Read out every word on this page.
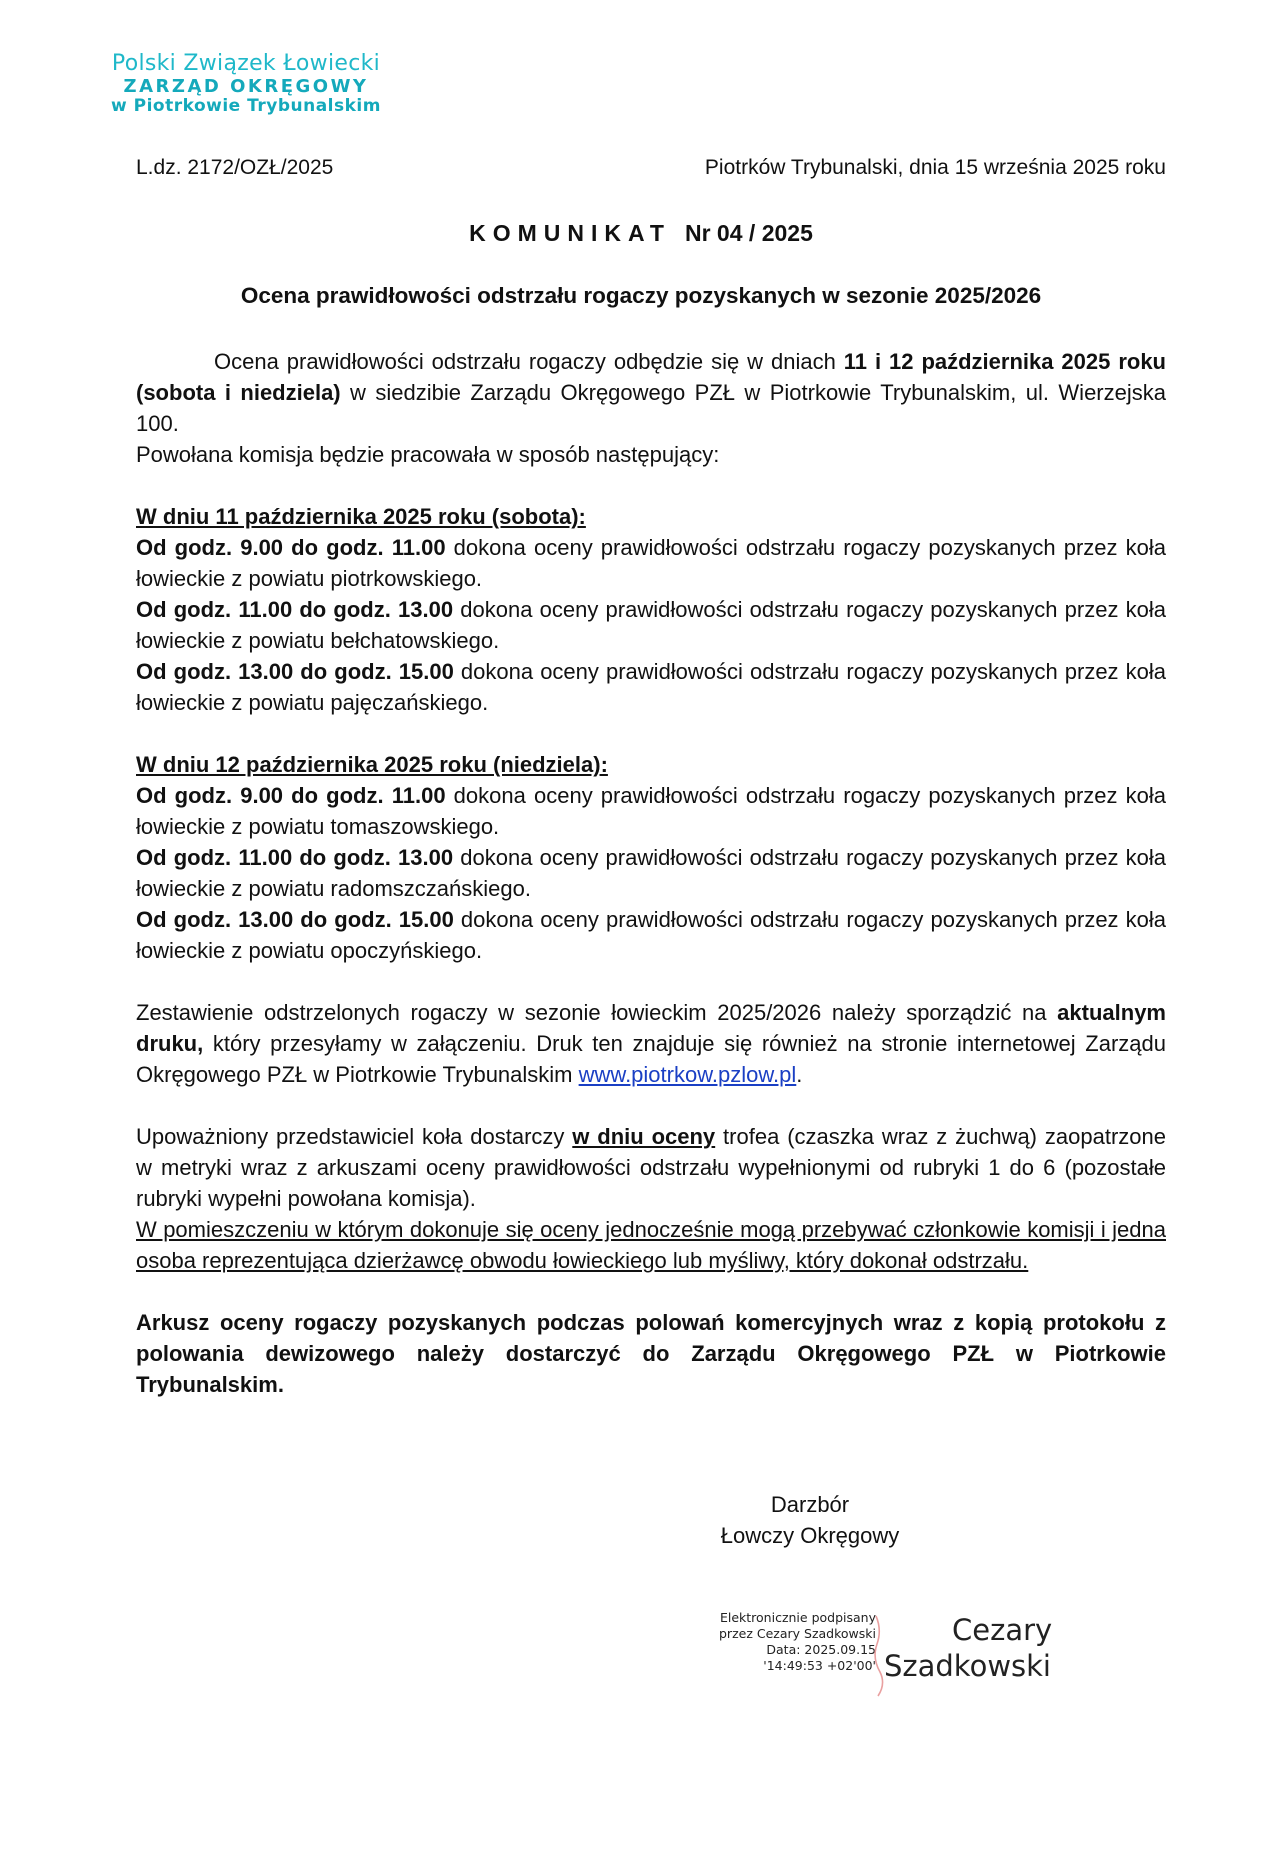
Polski Związek Łowiecki
ZARZĄD OKRĘGOWY
w Piotrkowie Trybunalskim
L.dz. 2172/OZŁ/2025	Piotrków Trybunalski, dnia 15 września 2025 roku
KOMUNIKAT Nr 04 / 2025
Ocena prawidłowości odstrzału rogaczy pozyskanych w sezonie 2025/2026

Ocena prawidłowości odstrzału rogaczy odbędzie się w dniach 11 i 12 października 2025 roku (sobota i niedziela) w siedzibie Zarządu Okręgowego PZŁ w Piotrkowie Trybunalskim, ul. Wierzejska 100.

Powołana komisja będzie pracowała w sposób następujący:

W dniu 11 października 2025 roku (sobota):

Od godz. 9.00 do godz. 11.00 dokona oceny prawidłowości odstrzału rogaczy pozyskanych przez koła łowieckie z powiatu piotrkowskiego.

Od godz. 11.00 do godz. 13.00 dokona oceny prawidłowości odstrzału rogaczy pozyskanych przez koła łowieckie z powiatu bełchatowskiego.

Od godz. 13.00 do godz. 15.00 dokona oceny prawidłowości odstrzału rogaczy pozyskanych przez koła łowieckie z powiatu pajęczańskiego.

W dniu 12 października 2025 roku (niedziela):

Od godz. 9.00 do godz. 11.00 dokona oceny prawidłowości odstrzału rogaczy pozyskanych przez koła łowieckie z powiatu tomaszowskiego.

Od godz. 11.00 do godz. 13.00 dokona oceny prawidłowości odstrzału rogaczy pozyskanych przez koła łowieckie z powiatu radomszczańskiego.

Od godz. 13.00 do godz. 15.00 dokona oceny prawidłowości odstrzału rogaczy pozyskanych przez koła łowieckie z powiatu opoczyńskiego.

Zestawienie odstrzelonych rogaczy w sezonie łowieckim 2025/2026 należy sporządzić na aktualnym druku, który przesyłamy w załączeniu. Druk ten znajduje się również na stronie internetowej Zarządu Okręgowego PZŁ w Piotrkowie Trybunalskim www.piotrkow.pzlow.pl.

Upoważniony przedstawiciel koła dostarczy w dniu oceny trofea (czaszka wraz z żuchwą) zaopatrzone w metryki wraz z arkuszami oceny prawidłowości odstrzału wypełnionymi od rubryki 1 do 6 (pozostałe rubryki wypełni powołana komisja).

W pomieszczeniu w którym dokonuje się oceny jednocześnie mogą przebywać członkowie komisji i jedna osoba reprezentująca dzierżawcę obwodu łowieckiego lub myśliwy, który dokonał odstrzału.

Arkusz oceny rogaczy pozyskanych podczas polowań komercyjnych wraz z kopią protokołu z polowania dewizowego należy dostarczyć do Zarządu Okręgowego PZŁ w Piotrkowie Trybunalskim.

Darzbór
Łowczy Okręgowy
Elektronicznie podpisany
przez Cezary Szadkowski
Data: 2025.09.15
'14:49:53 +02'00'
Cezary
Szadkowski
